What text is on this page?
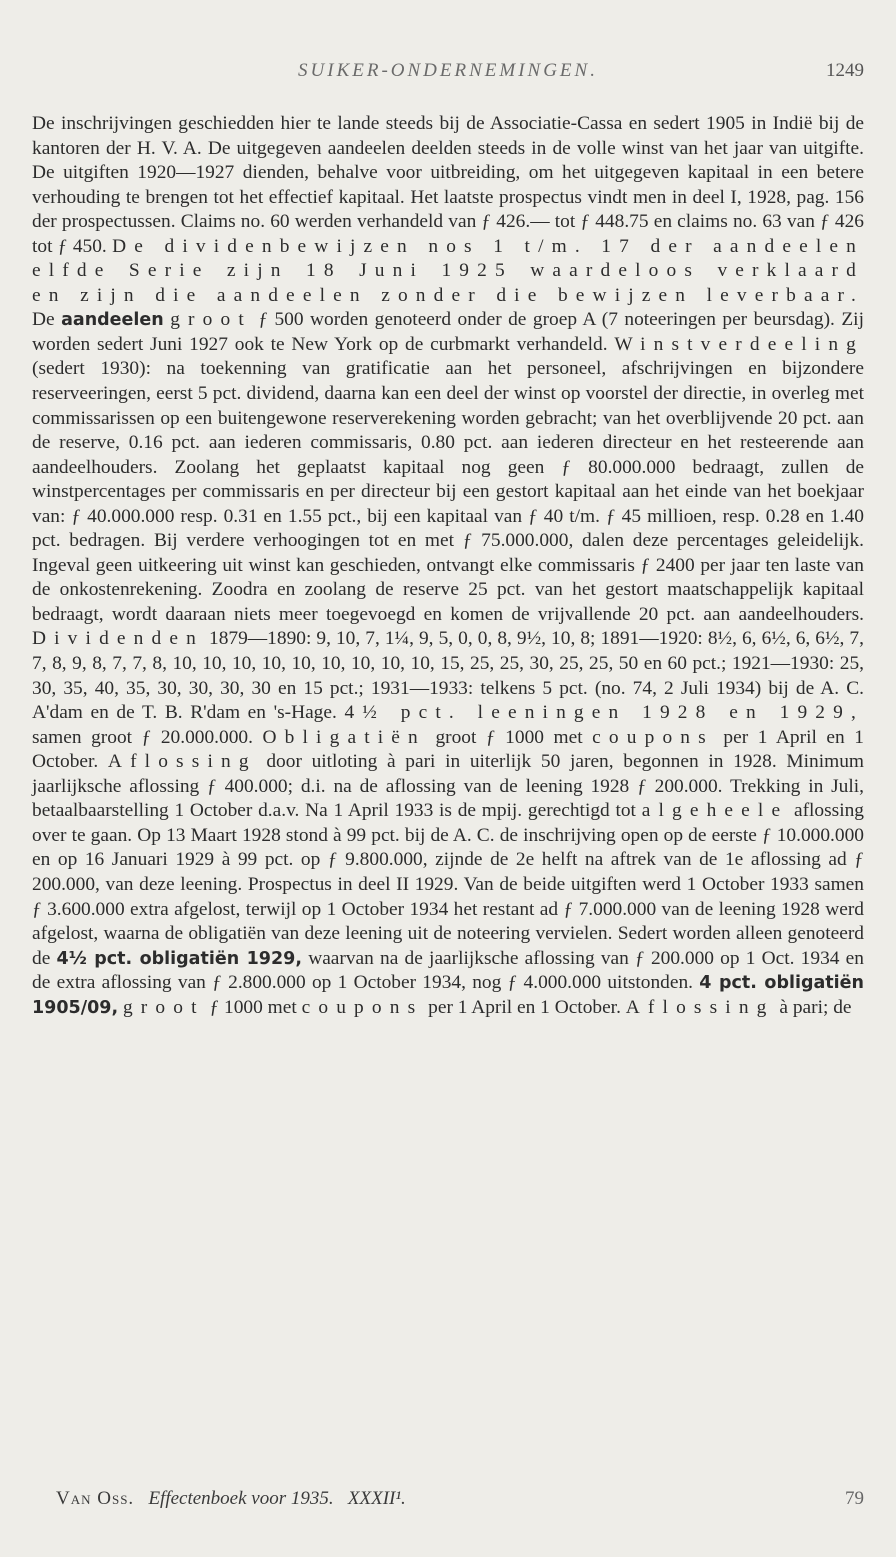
SUIKER-ONDERNEMINGEN.	1249

De inschrijvingen geschiedden hier te lande steeds bij de Associatie-Cassa en sedert 1905 in Indië bij de kantoren der H. V. A. De uitgegeven aandeelen deelden steeds in de volle winst van het jaar van uitgifte. De uitgiften 1920—1927 dienden, behalve voor uitbreiding, om het uitgegeven kapitaal in een betere verhouding te brengen tot het effectief kapitaal. Het laatste prospectus vindt men in deel I, 1928, pag. 156 der prospectussen. Claims no. 60 werden verhandeld van ƒ 426.— tot ƒ 448.75 en claims no. 63 van ƒ 426 tot ƒ 450. De dividenbewijzen nos 1 t/m. 17 der aandeelen elfde Serie zijn 18 Juni 1925 waardeloos verklaard en zijn die aandeelen zonder die bewijzen leverbaar. De aandeelen groot ƒ 500 worden genoteerd onder de groep A (7 noteeringen per beursdag). Zij worden sedert Juni 1927 ook te New York op de curbmarkt verhandeld. Winstverdeeling (sedert 1930): na toekenning van gratificatie aan het personeel, afschrijvingen en bijzondere reserveeringen, eerst 5 pct. dividend, daarna kan een deel der winst op voorstel der directie, in overleg met commissarissen op een buitengewone reserverekening worden gebracht; van het overblijvende 20 pct. aan de reserve, 0.16 pct. aan iederen commissaris, 0.80 pct. aan iederen directeur en het resteerende aan aandeelhouders. Zoolang het geplaatst kapitaal nog geen ƒ 80.000.000 bedraagt, zullen de winstpercentages per commissaris en per directeur bij een gestort kapitaal aan het einde van het boekjaar van: ƒ 40.000.000 resp. 0.31 en 1.55 pct., bij een kapitaal van ƒ 40 t/m. ƒ 45 millioen, resp. 0.28 en 1.40 pct. bedragen. Bij verdere verhoogingen tot en met ƒ 75.000.000, dalen deze percentages geleidelijk. Ingeval geen uitkeering uit winst kan geschieden, ontvangt elke commissaris ƒ 2400 per jaar ten laste van de onkostenrekening. Zoodra en zoolang de reserve 25 pct. van het gestort maatschappelijk kapitaal bedraagt, wordt daaraan niets meer toegevoegd en komen de vrijvallende 20 pct. aan aandeelhouders. Dividenden 1879—1890: 9, 10, 7, 1¼, 9, 5, 0, 0, 8, 9½, 10, 8; 1891—1920: 8½, 6, 6½, 6, 6½, 7, 7, 8, 9, 8, 7, 7, 8, 10, 10, 10, 10, 10, 10, 10, 10, 10, 15, 25, 25, 30, 25, 25, 50 en 60 pct.; 1921—1930: 25, 30, 35, 40, 35, 30, 30, 30, 30 en 15 pct.; 1931—1933: telkens 5 pct. (no. 74, 2 Juli 1934) bij de A. C. A'dam en de T. B. R'dam en 's-Hage. 4½ pct. leeningen 1928 en 1929, samen groot ƒ 20.000.000. Obligatiën groot ƒ 1000 met coupons per 1 April en 1 October. Aflossing door uitloting à pari in uiterlijk 50 jaren, begonnen in 1928. Minimum jaarlijksche aflossing ƒ 400.000; d.i. na de aflossing van de leening 1928 ƒ 200.000. Trekking in Juli, betaalbaarstelling 1 October d.a.v. Na 1 April 1933 is de mpij. gerechtigd tot algeheele aflossing over te gaan. Op 13 Maart 1928 stond à 99 pct. bij de A. C. de inschrijving open op de eerste ƒ 10.000.000 en op 16 Januari 1929 à 99 pct. op ƒ 9.800.000, zijnde de 2e helft na aftrek van de 1e aflossing ad ƒ 200.000, van deze leening. Prospectus in deel II 1929. Van de beide uitgiften werd 1 October 1933 samen ƒ 3.600.000 extra afgelost, terwijl op 1 October 1934 het restant ad ƒ 7.000.000 van de leening 1928 werd afgelost, waarna de obligatiën van deze leening uit de noteering vervielen. Sedert worden alleen genoteerd de 4½ pct. obligatiën 1929, waarvan na de jaarlijksche aflossing van ƒ 200.000 op 1 Oct. 1934 en de extra aflossing van ƒ 2.800.000 op 1 October 1934, nog ƒ 4.000.000 uitstonden. 4 pct. obligatiën 1905/09, groot ƒ 1000 met coupons per 1 April en 1 October. Aflossing à pari; de

Van Oss. Effectenboek voor 1935. XXXII¹.	79
